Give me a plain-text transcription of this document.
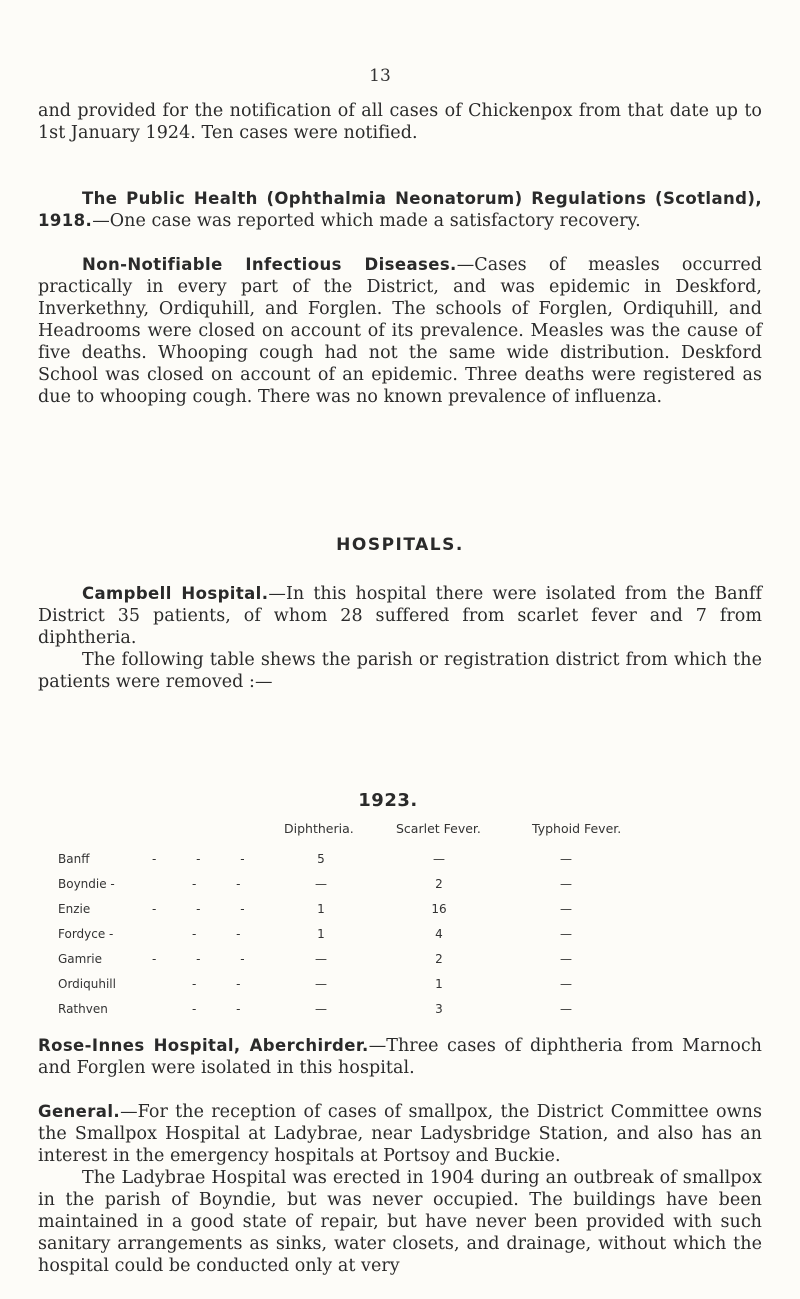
13

and provided for the notification of all cases of Chickenpox from that date up to 1st January 1924. Ten cases were notified.

The Public Health (Ophthalmia Neonatorum) Regulations (Scotland), 1918.—One case was reported which made a satisfactory recovery.

Non-Notifiable Infectious Diseases.—Cases of measles occurred practically in every part of the District, and was epidemic in Deskford, Inverkethny, Ordiquhill, and Forglen. The schools of Forglen, Ordiquhill, and Headrooms were closed on account of its prevalence. Measles was the cause of five deaths. Whooping cough had not the same wide distribution. Deskford School was closed on account of an epidemic. Three deaths were registered as due to whooping cough. There was no known prevalence of influenza.

HOSPITALS.

Campbell Hospital.—In this hospital there were isolated from the Banff District 35 patients, of whom 28 suffered from scarlet fever and 7 from diphtheria.

The following table shews the parish or registration district from which the patients were removed :—

1923.
Diphtheria.	Scarlet Fever.	Typhoid Fever.
Banff	- - -	5	—	—
Boyndie -	- -	—	2	—
Enzie	- - -	1	16	—
Fordyce -	- -	1	4	—
Gamrie	- - -	—	2	—
Ordiquhill	- -	—	1	—
Rathven	- -	—	3	—

Rose-Innes Hospital, Aberchirder.—Three cases of diphtheria from Marnoch and Forglen were isolated in this hospital.

General.—For the reception of cases of smallpox, the District Committee owns the Smallpox Hospital at Ladybrae, near Ladysbridge Station, and also has an interest in the emergency hospitals at Portsoy and Buckie.

The Ladybrae Hospital was erected in 1904 during an outbreak of smallpox in the parish of Boyndie, but was never occupied. The buildings have been maintained in a good state of repair, but have never been provided with such sanitary arrangements as sinks, water closets, and drainage, without which the hospital could be conducted only at very
